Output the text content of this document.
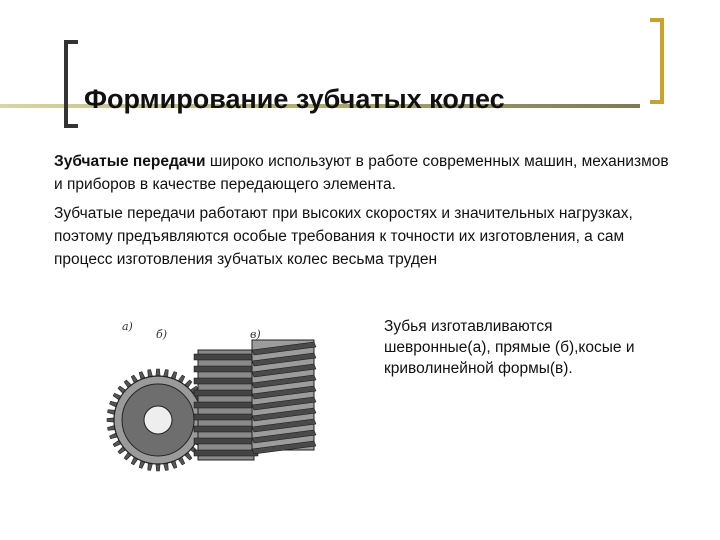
Формирование зубчатых колес

Зубчатые передачи широко используют в работе современных машин, механизмов и приборов в качестве передающего элемента.

Зубчатые передачи работают при высоких скоростях и значительных нагрузках, поэтому предъявляются особые требования к точности их изготовления, а сам процесс изготовления зубчатых колес весьма труден

Зубья изготавливаются шевронные(а), прямые (б),косые и криволинейной формы(в).
а)
б)	в)
